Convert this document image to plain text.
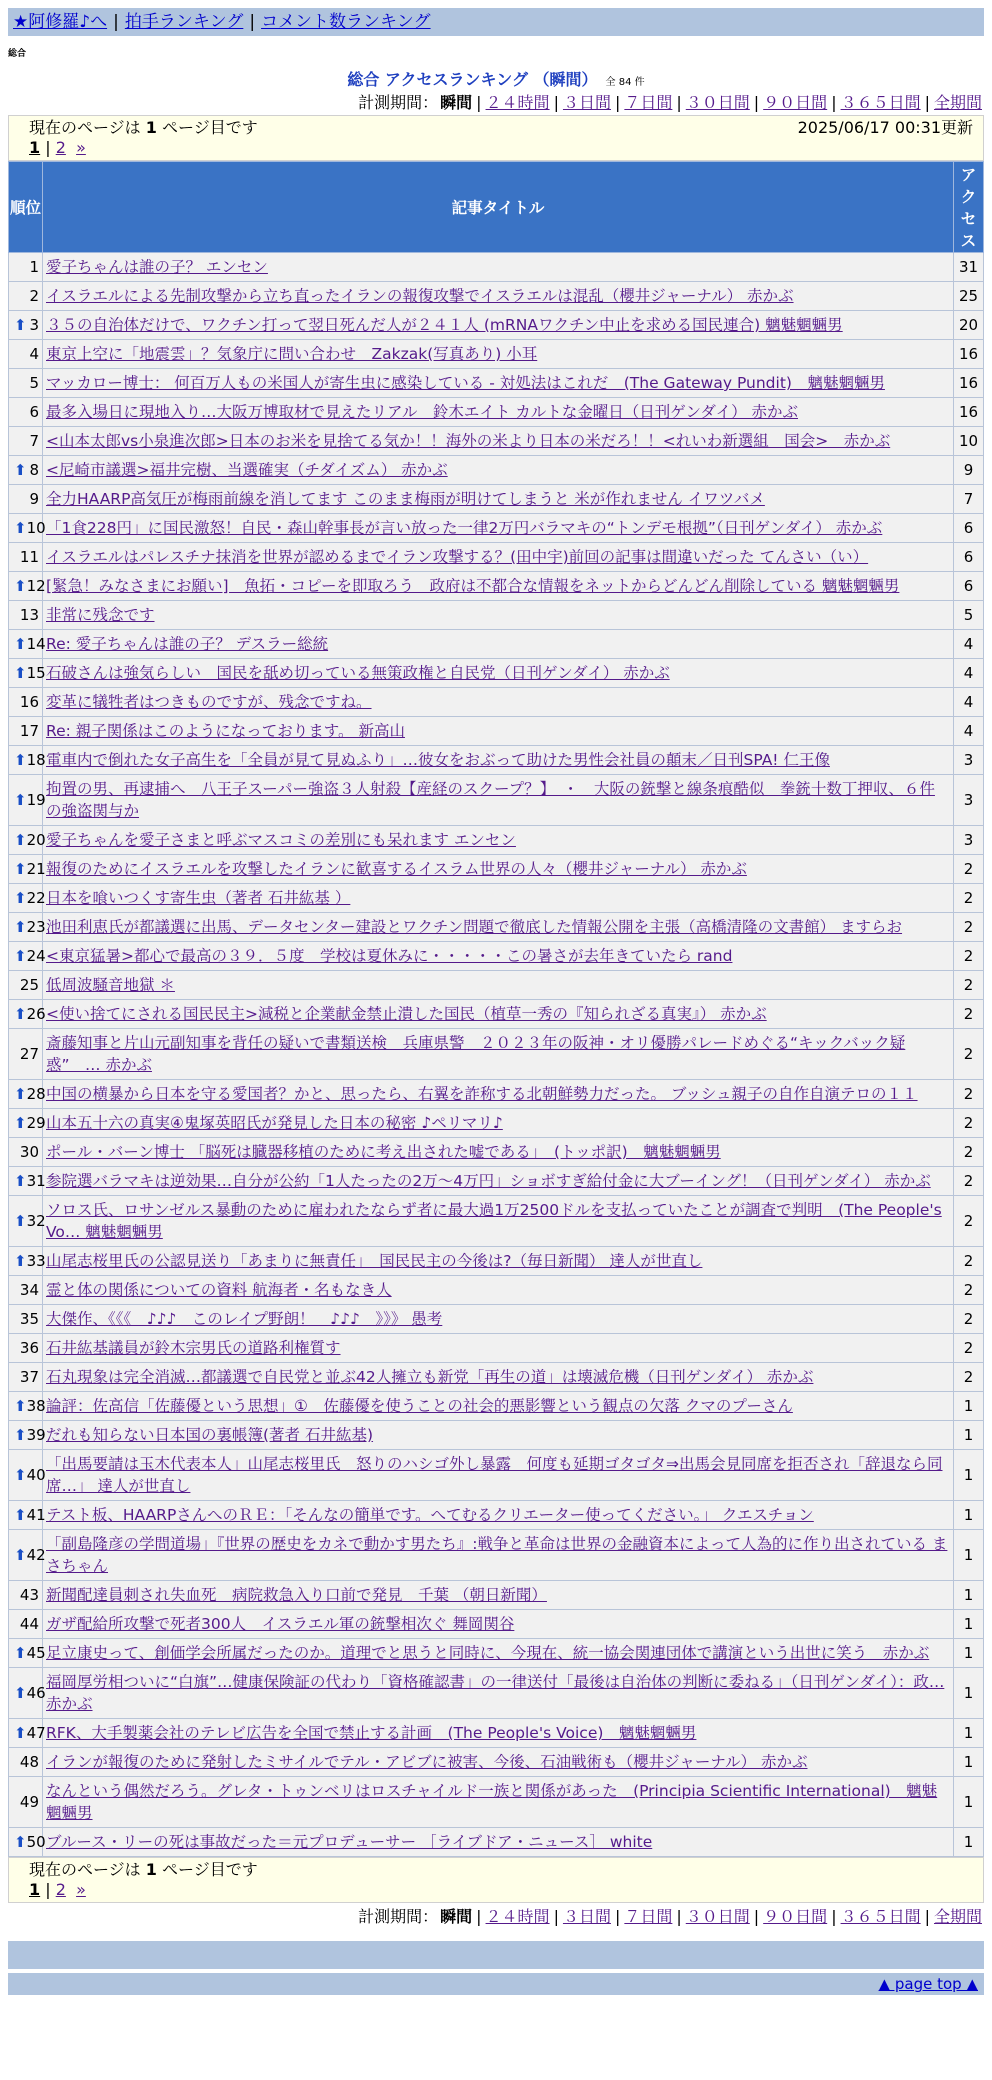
★阿修羅♪へ | 拍手ランキング | コメント数ランキング
総合
総合 アクセスランキング （瞬間） 全 84 件
計測期間： 瞬間 | ２４時間 | ３日間 | ７日間 | ３０日間 | ９０日間 | ３６５日間 | 全期間
現在のページは 1 ページ目です	2025/06/17 00:31更新
1 | 2 »
順位	記事タイトル	アクセス
1	愛子ちゃんは誰の子？ エンセン	31
2	イスラエルによる先制攻撃から立ち直ったイランの報復攻撃でイスラエルは混乱（櫻井ジャーナル） 赤かぶ	25

⬆ 3	３５の自治体だけで、ワクチン打って翌日死んだ人が２４１人 (mRNAワクチン中止を求める国民連合) 魑魅魍魎男	20
4	東京上空に「地震雲」？気象庁に問い合わせ　Zakzak(写真あり) 小耳	16
5	マッカロー博士： 何百万人もの米国人が寄生虫に感染している - 対処法はこれだ　(The Gateway Pundit)　魑魅魍魎男	16
6	最多入場日に現地入り…大阪万博取材で見えたリアル　鈴木エイト カルトな金曜日（日刊ゲンダイ） 赤かぶ	16
7	<山本太郎vs小泉進次郎>日本のお米を見捨てる気か！！海外の米より日本の米だろ！！<れいわ新選組　国会>　赤かぶ	10

⬆ 8	<尼崎市議選>福井完樹、当選確実（チダイズム） 赤かぶ	9
9	全力HAARP高気圧が梅雨前線を消してます このまま梅雨が明けてしまうと 米が作れません イワツバメ	7

⬆ 10	「1食228円」に国民激怒！自民・森山幹事長が言い放った一律2万円バラマキの“トンデモ根拠”（日刊ゲンダイ） 赤かぶ	6
11	イスラエルはパレスチナ抹消を世界が認めるまでイラン攻撃する？(田中宇)前回の記事は間違いだった てんさい（い）	6

⬆ 12	[緊急！みなさまにお願い]　魚拓・コピーを即取ろう　政府は不都合な情報をネットからどんどん削除している 魑魅魍魎男	6
13	非常に残念です	5

⬆ 14	Re: 愛子ちゃんは誰の子？ デスラー総統	4

⬆ 15	石破さんは強気らしい　国民を舐め切っている無策政権と自民党（日刊ゲンダイ） 赤かぶ	4
16	変革に犠牲者はつきものですが、残念ですね。	4
17	Re: 親子関係はこのようになっております。 新高山	4

⬆ 18	電車内で倒れた女子高生を「全員が見て見ぬふり」…彼女をおぶって助けた男性会社員の顛末／日刊SPA! 仁王像	3

⬆ 19	拘置の男、再逮捕へ　八王子スーパー強盗３人射殺【産経のスクープ？】　・　大阪の銃撃と線条痕酷似　拳銃十数丁押収、６件の強盗関与か	3

⬆ 20	愛子ちゃんを愛子さまと呼ぶマスコミの差別にも呆れます エンセン	3

⬆ 21	報復のためにイスラエルを攻撃したイランに歓喜するイスラム世界の人々（櫻井ジャーナル） 赤かぶ	2

⬆ 22	日本を喰いつくす寄生虫（著者 石井紘基 ）	2

⬆ 23	池田利恵氏が都議選に出馬、データセンター建設とワクチン問題で徹底した情報公開を主張（高橋清隆の文書館） ますらお	2

⬆ 24	<東京猛暑>都心で最高の３９．５度　学校は夏休みに・・・・・この暑さが去年きていたら rand	2
25	低周波騒音地獄 ＊	2

⬆ 26	<使い捨てにされる国民民主>減税と企業献金禁止潰した国民（植草一秀の『知られざる真実』） 赤かぶ	2
27	斎藤知事と片山元副知事を背任の疑いで書類送検　兵庫県警　２０２３年の阪神・オリ優勝パレードめぐる“キックバック疑惑”　… 赤かぶ	2

⬆ 28	中国の横暴から日本を守る愛国者？かと、思ったら、右翼を詐称する北朝鮮勢力だった。 ブッシュ親子の自作自演テロの１１	2

⬆ 29	山本五十六の真実④鬼塚英昭氏が発見した日本の秘密 ♪ペリマリ♪	2
30	ポール・バーン博士 「脳死は臓器移植のために考え出された嘘である」　(トッポ訳)　魑魅魍魎男	2

⬆ 31	参院選バラマキは逆効果…自分が公約「1人たったの2万～4万円」ショボすぎ給付金に大ブーイング！（日刊ゲンダイ） 赤かぶ	2

⬆ 32	ソロス氏、ロサンゼルス暴動のために雇われたならず者に最大過1万2500ドルを支払っていたことが調査で判明　(The People's Vo… 魑魅魍魎男	2

⬆ 33	山尾志桜里氏の公認見送り「あまりに無責任」　国民民主の今後は?（毎日新聞） 達人が世直し	2
34	霊と体の関係についての資料 航海者・名もなき人	2
35	大傑作、《《《　♪♪♪　このレイプ野朗！　♪♪♪　》》》 愚考	2
36	石井紘基議員が鈴木宗男氏の道路利権質す	2
37	石丸現象は完全消滅…都議選で自民党と並ぶ42人擁立も新党「再生の道」は壊滅危機（日刊ゲンダイ） 赤かぶ	2

⬆ 38	論評：佐高信「佐藤優という思想」①　佐藤優を使うことの社会的悪影響という観点の欠落 クマのプーさん	1

⬆ 39	だれも知らない日本国の裏帳簿(著者 石井紘基)	1

⬆ 40	「出馬要請は玉木代表本人」山尾志桜里氏　怒りのハシゴ外し暴露　何度も延期ゴタゴタ⇒出馬会見同席を拒否され「辞退なら同席…」 達人が世直し	1

⬆ 41	テスト板、HAARPさんへのＲＥ：「そんなの簡単です。へてむるクリエーター使ってください。」 クエスチョン	1

⬆ 42	「副島隆彦の学問道場」『世界の歴史をカネで動かす男たち』:戦争と革命は世界の金融資本によって人為的に作り出されている まさちゃん	1
43	新聞配達員刺され失血死　病院救急入り口前で発見　千葉 （朝日新聞）	1
44	ガザ配給所攻撃で死者300人　イスラエル軍の銃撃相次ぐ 舞岡関谷	1

⬆ 45	足立康史って、創価学会所属だったのか。道理でと思うと同時に、今現在、統一協会関連団体で講演という出世に笑う　赤かぶ	1

⬆ 46	福岡厚労相ついに“白旗”…健康保険証の代わり「資格確認書」の一律送付「最後は自治体の判断に委ねる」（日刊ゲンダイ）：政… 赤かぶ	1

⬆ 47	RFK、大手製薬会社のテレビ広告を全国で禁止する計画　(The People's Voice)　魑魅魍魎男	1
48	イランが報復のために発射したミサイルでテル・アビブに被害、今後、石油戦術も（櫻井ジャーナル） 赤かぶ	1
49	なんという偶然だろう。グレタ・トゥンベリはロスチャイルド一族と関係があった　(Principia Scientific International)　魑魅魍魎男	1

⬆ 50	ブルース・リーの死は事故だった＝元プロデューサー ［ライブドア・ニュース］ white	1
現在のページは 1 ページ目です
1 | 2 »
計測期間： 瞬間 | ２４時間 | ３日間 | ７日間 | ３０日間 | ９０日間 | ３６５日間 | 全期間
▲ page top ▲
